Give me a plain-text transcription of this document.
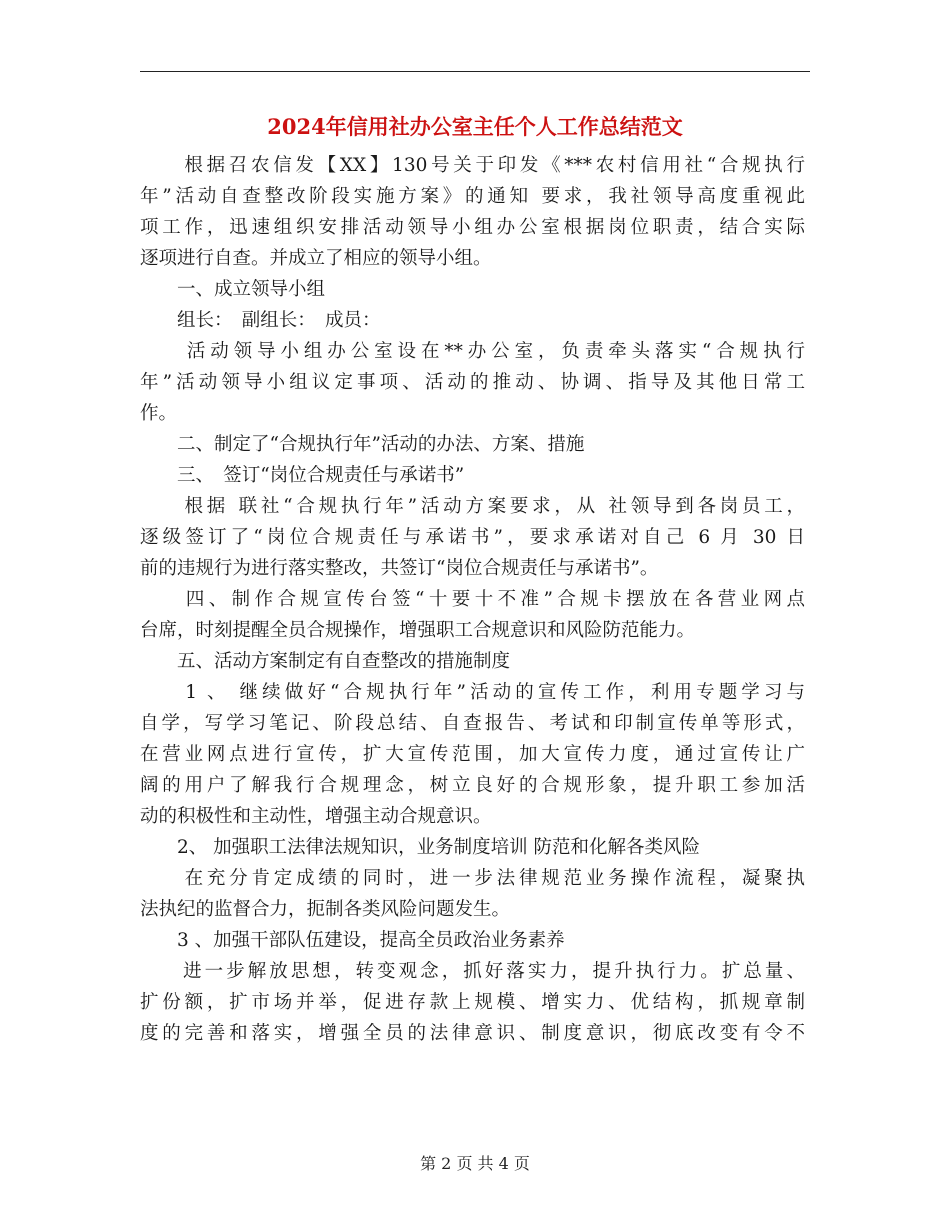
2024年信用社办公室主任个人工作总结范文
　　根据召农信发【XX】130号关于印发《***农村信用社“合规执行
年”活动自查整改阶段实施方案》的通知 要求，我社领导高度重视此
项工作，迅速组织安排活动领导小组办公室根据岗位职责，结合实际
逐项进行自查。并成立了相应的领导小组。
　　一、成立领导小组
　　组长：　副组长：　成员：
　　活动领导小组办公室设在**办公室，负责牵头落实“合规执行
年”活动领导小组议定事项、活动的推动、协调、指导及其他日常工
作。
　　二、制定了“合规执行年”活动的办法、方案、措施
　　三、　签订“岗位合规责任与承诺书”
　　根据 联社“合规执行年”活动方案要求，从 社领导到各岗员工，
逐级签订了“岗位合规责任与承诺书”，要求承诺对自己 6 月 30 日
前的违规行为进行落实整改，共签订“岗位合规责任与承诺书”。
　　四、制作合规宣传台签“十要十不准”合规卡摆放在各营业网点
台席，时刻提醒全员合规操作，增强职工合规意识和风险防范能力。
　　五、活动方案制定有自查整改的措施制度
　　1 、 继续做好“合规执行年”活动的宣传工作，利用专题学习与
自学，写学习笔记、阶段总结、自查报告、考试和印制宣传单等形式，
在营业网点进行宣传，扩大宣传范围，加大宣传力度，通过宣传让广
阔的用户了解我行合规理念，树立良好的合规形象，提升职工参加活
动的积极性和主动性，增强主动合规意识。
　　2、 加强职工法律法规知识，业务制度培训 防范和化解各类风险
　　在充分肯定成绩的同时，进一步法律规范业务操作流程，凝聚执
法执纪的监督合力，扼制各类风险问题发生。
　　3 、加强干部队伍建设，提高全员政治业务素养
　　进一步解放思想，转变观念，抓好落实力，提升执行力。扩总量、
扩份额，扩市场并举，促进存款上规模、增实力、优结构，抓规章制
度的完善和落实，增强全员的法律意识、制度意识，彻底改变有令不
第 2 页 共 4 页
